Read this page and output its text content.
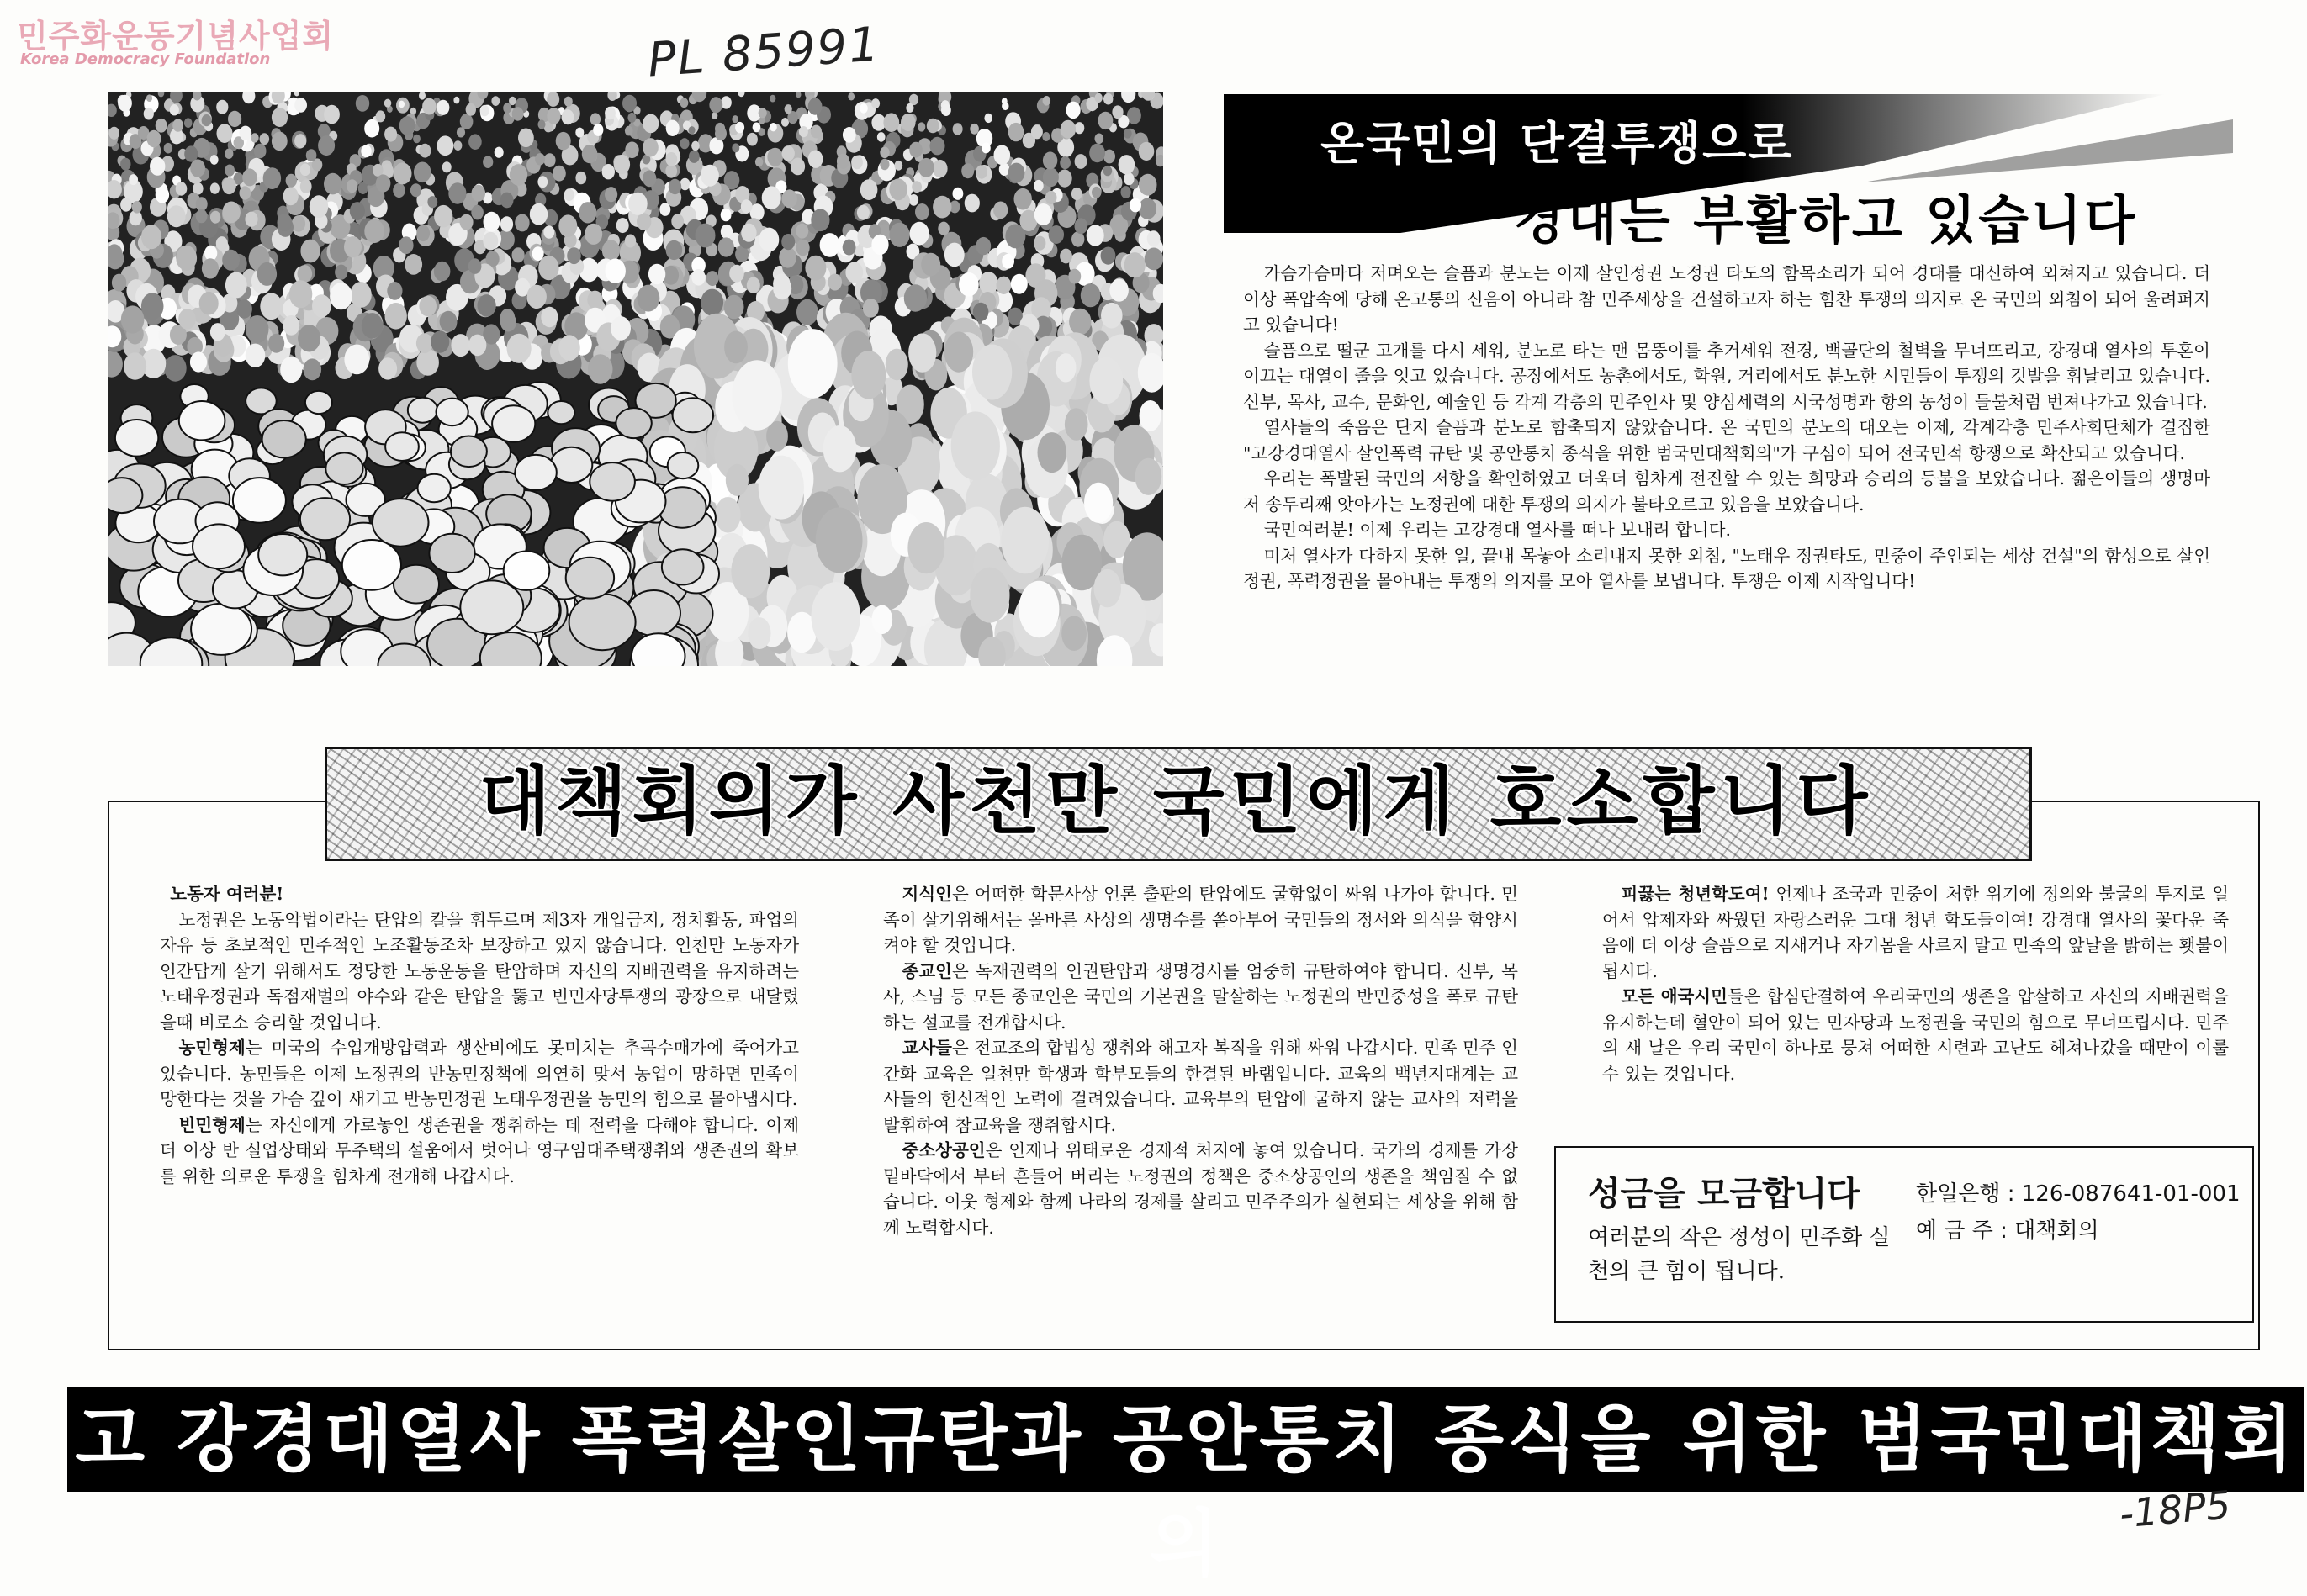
민주화운동기념사업회
Korea Democracy Foundation	PL 85991
온국민의 단결투쟁으로
경대는 부활하고 있습니다

가슴가슴마다 저며오는 슬픔과 분노는 이제 살인정권 노정권 타도의 함목소리가 되어 경대를 대신하여 외쳐지고 있습니다. 더이상 폭압속에 당해 온고통의 신음이 아니라 참 민주세상을 건설하고자 하는 힘찬 투쟁의 의지로 온 국민의 외침이 되어 울려퍼지고 있습니다!

슬픔으로 떨군 고개를 다시 세워, 분노로 타는 맨 몸뚱이를 추거세워 전경, 백골단의 철벽을 무너뜨리고, 강경대 열사의 투혼이 이끄는 대열이 줄을 잇고 있습니다. 공장에서도 농촌에서도, 학원, 거리에서도 분노한 시민들이 투쟁의 깃발을 휘날리고 있습니다. 신부, 목사, 교수, 문화인, 예술인 등 각계 각층의 민주인사 및 양심세력의 시국성명과 항의 농성이 들불처럼 번져나가고 있습니다.

열사들의 죽음은 단지 슬픔과 분노로 함축되지 않았습니다. 온 국민의 분노의 대오는 이제, 각계각층 민주사회단체가 결집한 "고강경대열사 살인폭력 규탄 및 공안통치 종식을 위한 범국민대책회의"가 구심이 되어 전국민적 항쟁으로 확산되고 있습니다.

우리는 폭발된 국민의 저항을 확인하였고 더욱더 힘차게 전진할 수 있는 희망과 승리의 등불을 보았습니다. 젊은이들의 생명마저 송두리째 앗아가는 노정권에 대한 투쟁의 의지가 불타오르고 있음을 보았습니다.

국민여러분! 이제 우리는 고강경대 열사를 떠나 보내려 합니다.

미처 열사가 다하지 못한 일, 끝내 목놓아 소리내지 못한 외침, "노태우 정권타도, 민중이 주인되는 세상 건설"의 함성으로 살인정권, 폭력정권을 몰아내는 투쟁의 의지를 모아 열사를 보냅니다. 투쟁은 이제 시작입니다!

대책회의가 사천만 국민에게 호소합니다

노동자 여러분!

노정권은 노동악법이라는 탄압의 칼을 휘두르며 제3자 개입금지, 정치활동, 파업의 자유 등 초보적인 민주적인 노조활동조차 보장하고 있지 않습니다. 인천만 노동자가 인간답게 살기 위해서도 정당한 노동운동을 탄압하며 자신의 지배권력을 유지하려는 노태우정권과 독점재벌의 야수와 같은 탄압을 뚫고 빈민자당투쟁의 광장으로 내달렸을때 비로소 승리할 것입니다.

농민형제는 미국의 수입개방압력과 생산비에도 못미치는 추곡수매가에 죽어가고 있습니다. 농민들은 이제 노정권의 반농민정책에 의연히 맞서 농업이 망하면 민족이 망한다는 것을 가슴 깊이 새기고 반농민정권 노태우정권을 농민의 힘으로 몰아냅시다.

빈민형제는 자신에게 가로놓인 생존권을 쟁취하는 데 전력을 다해야 합니다. 이제 더 이상 반 실업상태와 무주택의 설움에서 벗어나 영구임대주택쟁취와 생존권의 확보를 위한 의로운 투쟁을 힘차게 전개해 나갑시다.

지식인은 어떠한 학문사상 언론 출판의 탄압에도 굴함없이 싸워 나가야 합니다. 민족이 살기위해서는 올바른 사상의 생명수를 쏟아부어 국민들의 정서와 의식을 함양시켜야 할 것입니다.

종교인은 독재권력의 인권탄압과 생명경시를 엄중히 규탄하여야 합니다. 신부, 목사, 스님 등 모든 종교인은 국민의 기본권을 말살하는 노정권의 반민중성을 폭로 규탄하는 설교를 전개합시다.

교사들은 전교조의 합법성 쟁취와 해고자 복직을 위해 싸워 나갑시다. 민족 민주 인간화 교육은 일천만 학생과 학부모들의 한결된 바램입니다. 교육의 백년지대계는 교사들의 헌신적인 노력에 걸려있습니다. 교육부의 탄압에 굴하지 않는 교사의 저력을 발휘하여 참교육을 쟁취합시다.

중소상공인은 인제나 위태로운 경제적 처지에 놓여 있습니다. 국가의 경제를 가장 밑바닥에서 부터 흔들어 버리는 노정권의 정책은 중소상공인의 생존을 책임질 수 없습니다. 이웃 형제와 함께 나라의 경제를 살리고 민주주의가 실현되는 세상을 위해 함께 노력합시다.

피끓는 청년학도여! 언제나 조국과 민중이 처한 위기에 정의와 불굴의 투지로 일어서 압제자와 싸웠던 자랑스러운 그대 청년 학도들이여! 강경대 열사의 꽃다운 죽음에 더 이상 슬픔으로 지새거나 자기몸을 사르지 말고 민족의 앞날을 밝히는 횃불이 됩시다.

모든 애국시민들은 합심단결하여 우리국민의 생존을 압살하고 자신의 지배권력을 유지하는데 혈안이 되어 있는 민자당과 노정권을 국민의 힘으로 무너뜨립시다. 민주의 새 날은 우리 국민이 하나로 뭉쳐 어떠한 시련과 고난도 헤쳐나갔을 때만이 이룰 수 있는 것입니다.

성금을 모금합니다
여러분의 작은 정성이 민주화 실천의 큰 힘이 됩니다.
한일은행 : 126-087641-01-001
예 금 주 : 대책회의
고 강경대열사 폭력살인규탄과 공안통치 종식을 위한 범국민대책회의	-18P5
